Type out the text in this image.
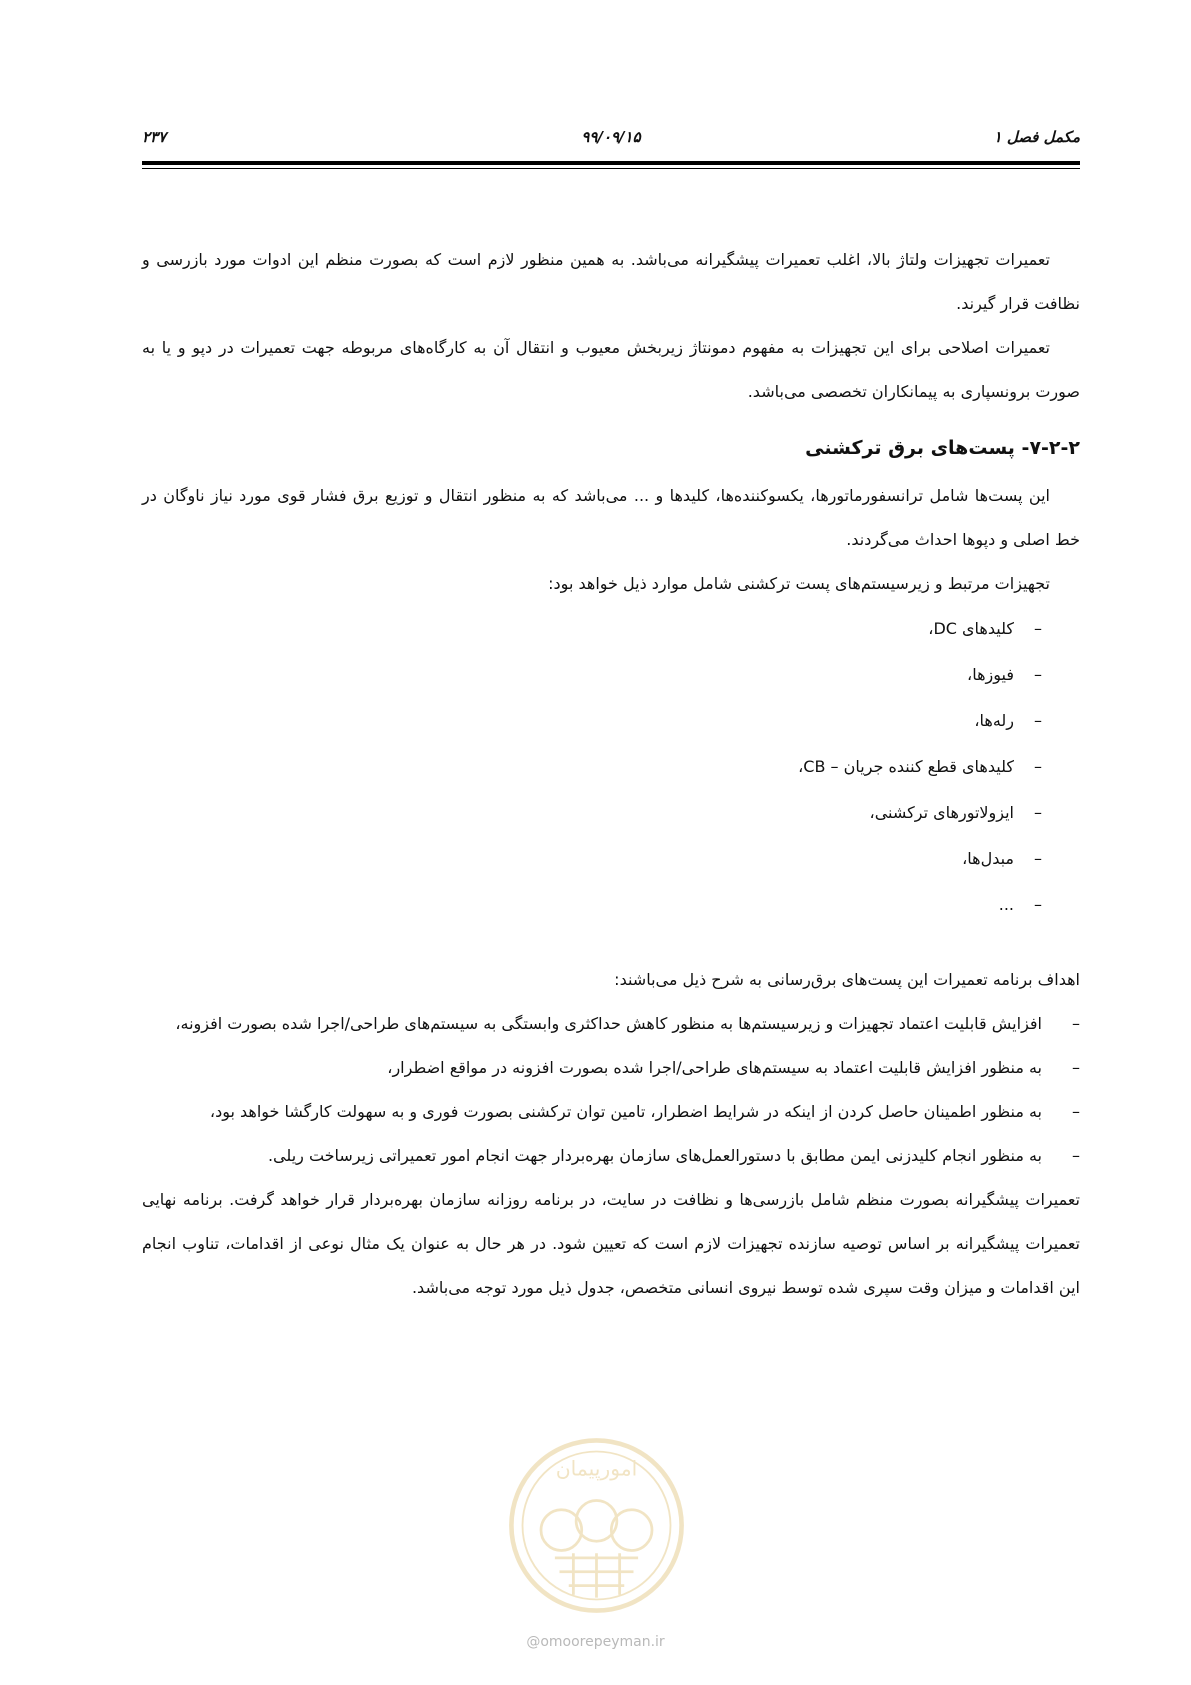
مکمل فصل ۱
۹۹/۰۹/۱۵
۲۳۷

تعمیرات تجهیزات ولتاژ بالا، اغلب تعمیرات پیشگیرانه می‌باشد. به همین منظور لازم است که بصورت منظم این ادوات مورد بازرسی و نظافت قرار گیرند.

تعمیرات اصلاحی برای این تجهیزات به مفهوم دمونتاژ زیربخش معیوب و انتقال آن به کارگاه‌های مربوطه جهت تعمیرات در دپو و یا به صورت برونسپاری به پیمانکاران تخصصی می‌باشد.

۷-۲-۲- پست‌های برق ترکشنی

این پست‌ها شامل ترانسفورماتورها، یکسوکننده‌ها، کلیدها و ... می‌باشد که به منظور انتقال و توزیع برق فشار قوی مورد نیاز ناوگان در خط اصلی و دپوها احداث می‌گردند.

تجهیزات مرتبط و زیرسیستم‌های پست ترکشنی شامل موارد ذیل خواهد بود:

– کلیدهای DC،
– فیوزها،
– رله‌ها،
– کلیدهای قطع کننده جریان – CB،
– ایزولاتورهای ترکشنی،
– مبدل‌ها،
– ...

اهداف برنامه تعمیرات این پست‌های برق‌رسانی به شرح ذیل می‌باشند:

– افزایش قابلیت اعتماد تجهیزات و زیرسیستم‌ها به منظور کاهش حداکثری وابستگی به سیستم‌های طراحی/اجرا شده بصورت افزونه،
– به منظور افزایش قابلیت اعتماد به سیستم‌های طراحی/اجرا شده بصورت افزونه در مواقع اضطرار،
– به منظور اطمینان حاصل کردن از اینکه در شرایط اضطرار، تامین توان ترکشنی بصورت فوری و به سهولت کارگشا خواهد بود،
– به منظور انجام کلیدزنی ایمن مطابق با دستورالعمل‌های سازمان بهره‌بردار جهت انجام امور تعمیراتی زیرساخت ریلی.

تعمیرات پیشگیرانه بصورت منظم شامل بازرسی‌ها و نظافت در سایت، در برنامه روزانه سازمان بهره‌بردار قرار خواهد گرفت. برنامه نهایی تعمیرات پیشگیرانه بر اساس توصیه سازنده تجهیزات لازم است که تعیین شود. در هر حال به عنوان یک مثال نوعی از اقدامات، تناوب انجام این اقدامات و میزان وقت سپری شده توسط نیروی انسانی متخصص، جدول ذیل مورد توجه می‌باشد.

امورپیمان
@omoorepeyman.ir
